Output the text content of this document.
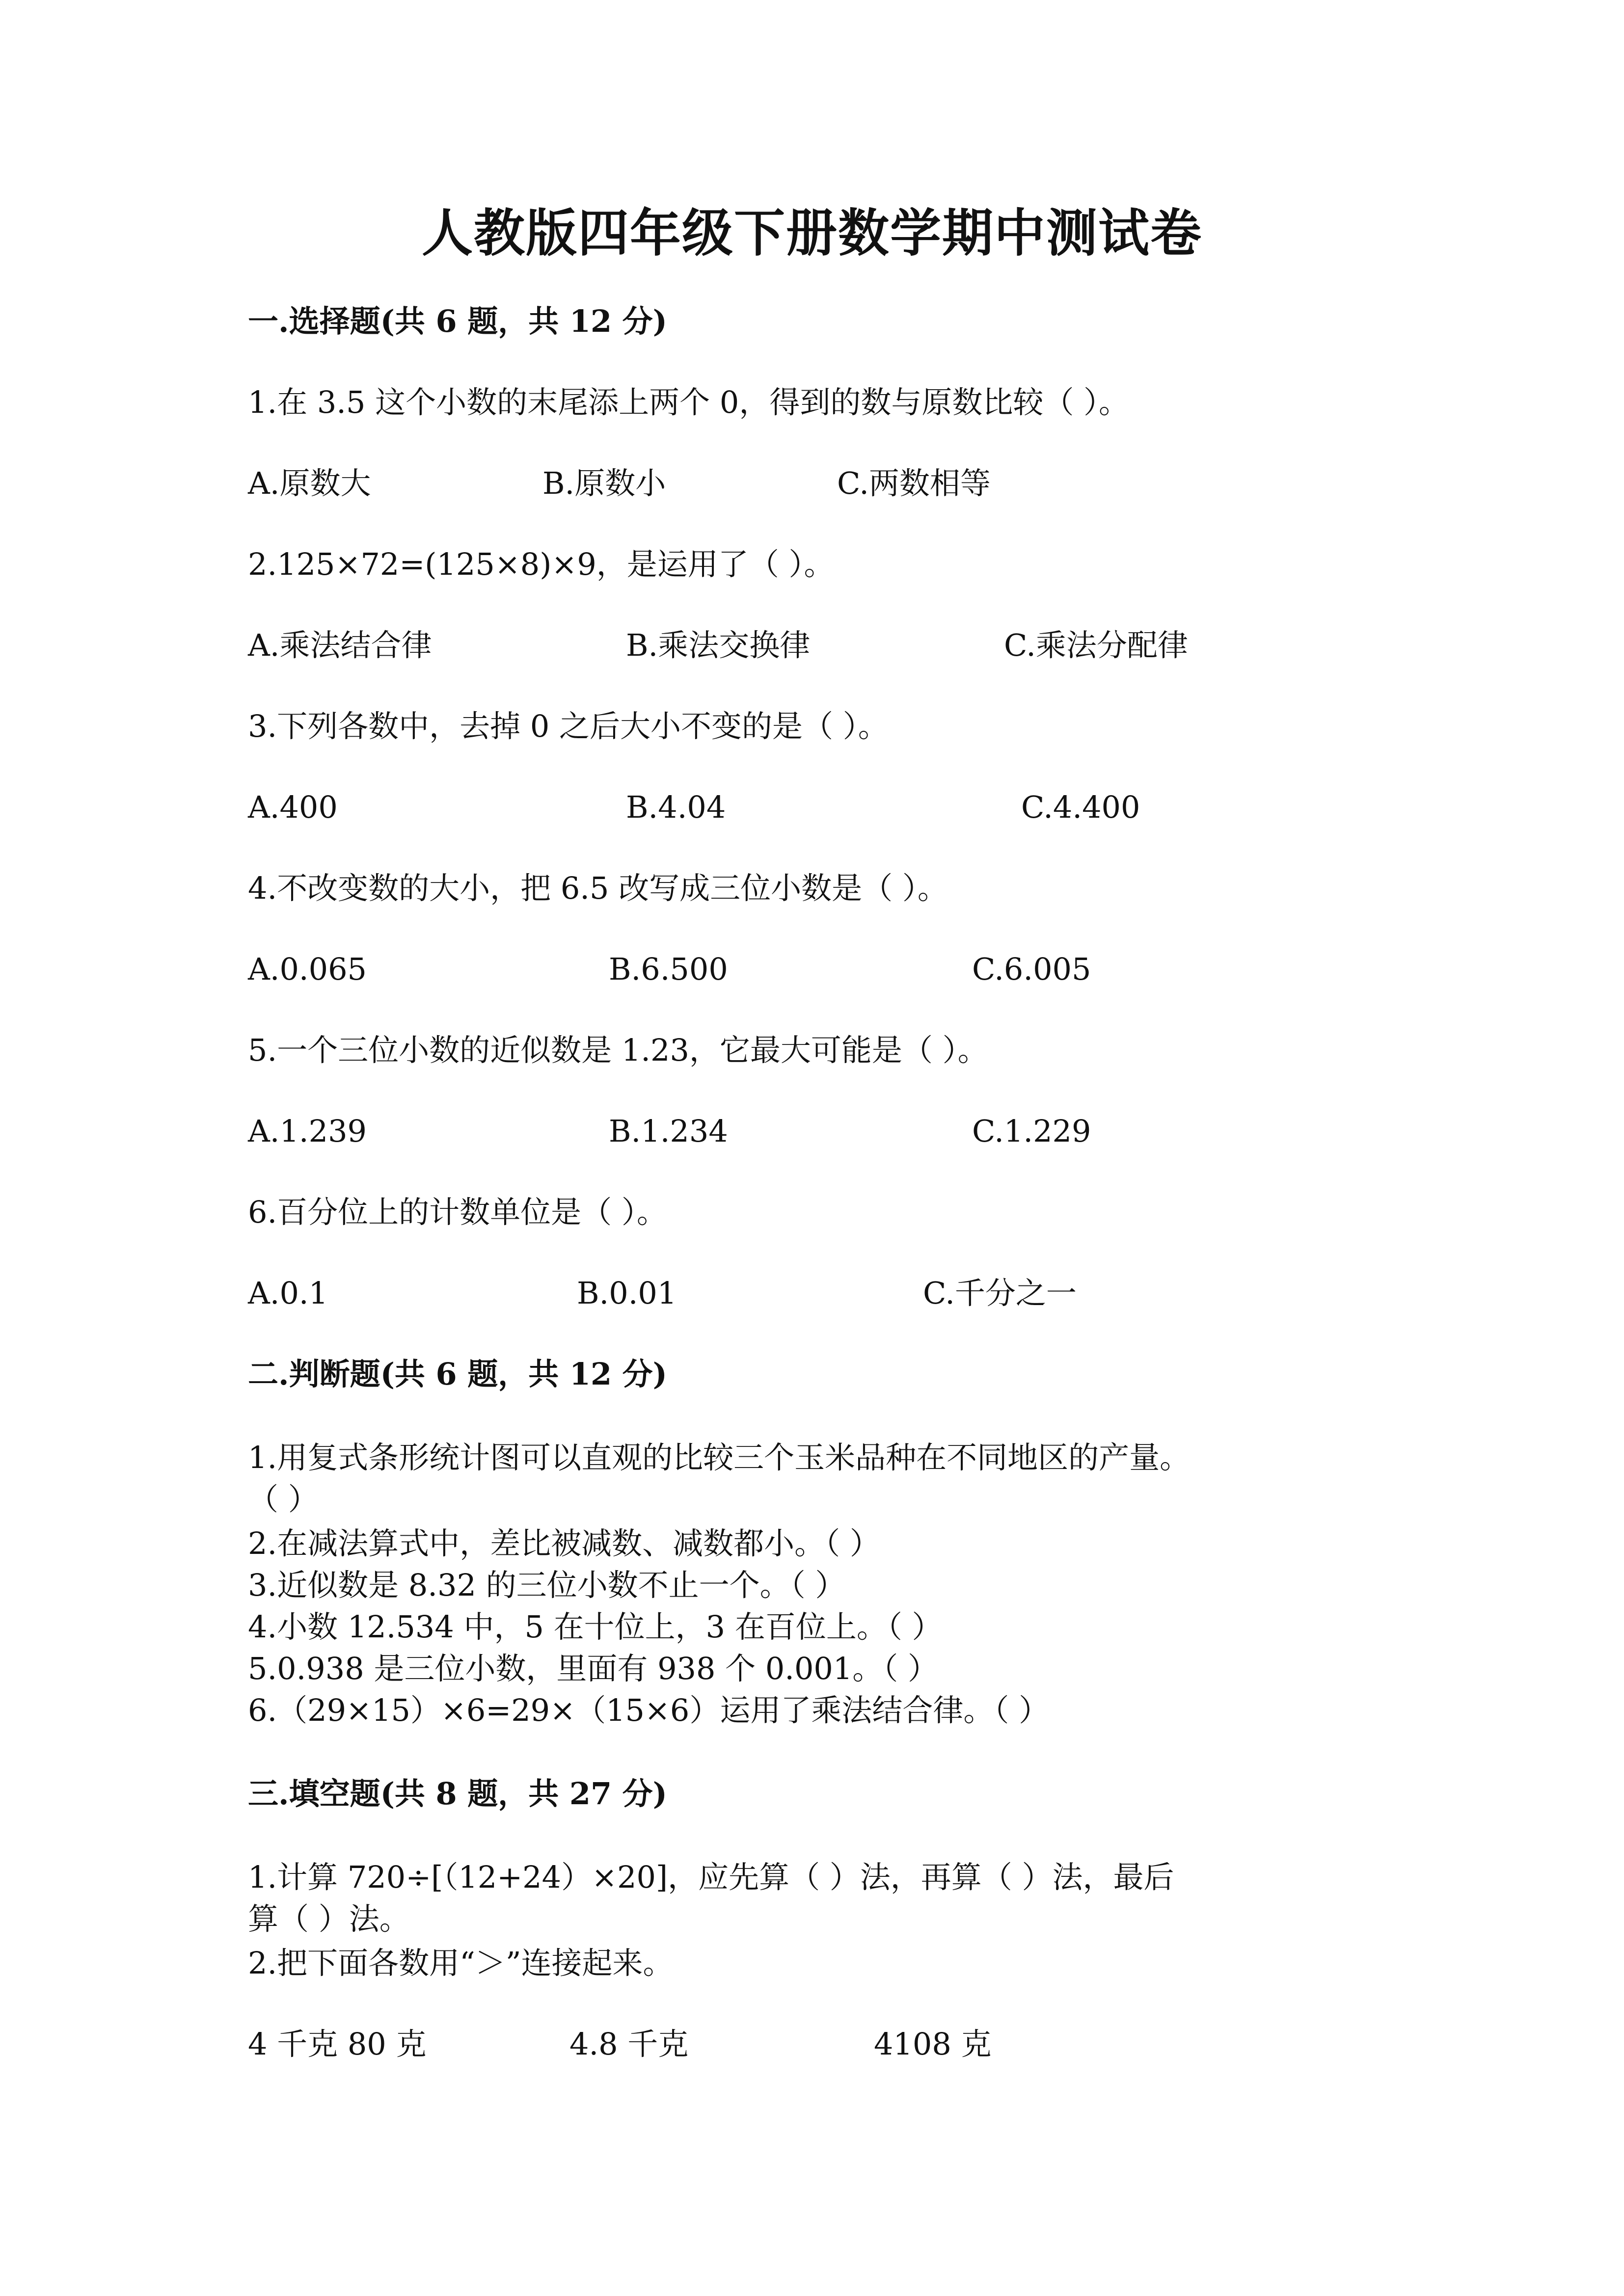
人教版四年级下册数学期中测试卷
一.选择题(共 6 题，共 12 分)
1.在 3.5 这个小数的末尾添上两个 0，得到的数与原数比较（ ）。
A.原数大	B.原数小	C.两数相等
2.125×72=(125×8)×9，是运用了（ ）。
A.乘法结合律	B.乘法交换律	C.乘法分配律
3.下列各数中，去掉 0 之后大小不变的是（ ）。
A.400	B.4.04	C.4.400
4.不改变数的大小，把 6.5 改写成三位小数是（ ）。
A.0.065	B.6.500	C.6.005
5.一个三位小数的近似数是 1.23，它最大可能是（ ）。
A.1.239	B.1.234	C.1.229
6.百分位上的计数单位是（ ）。
A.0.1	B.0.01	C.千分之一
二.判断题(共 6 题，共 12 分)
1.用复式条形统计图可以直观的比较三个玉米品种在不同地区的产量。
（ ）
2.在减法算式中，差比被减数、减数都小。（ ）
3.近似数是 8.32 的三位小数不止一个。（ ）
4.小数 12.534 中，5 在十位上，3 在百位上。（ ）
5.0.938 是三位小数，里面有 938 个 0.001。（ ）
6.（29×15）×6=29×（15×6）运用了乘法结合律。（ ）
三.填空题(共 8 题，共 27 分)
1.计算 720÷[（12+24）×20]，应先算（ ）法，再算（ ）法，最后
算（ ）法。
2.把下面各数用“＞”连接起来。
4 千克 80 克	4.8 千克	4108 克
